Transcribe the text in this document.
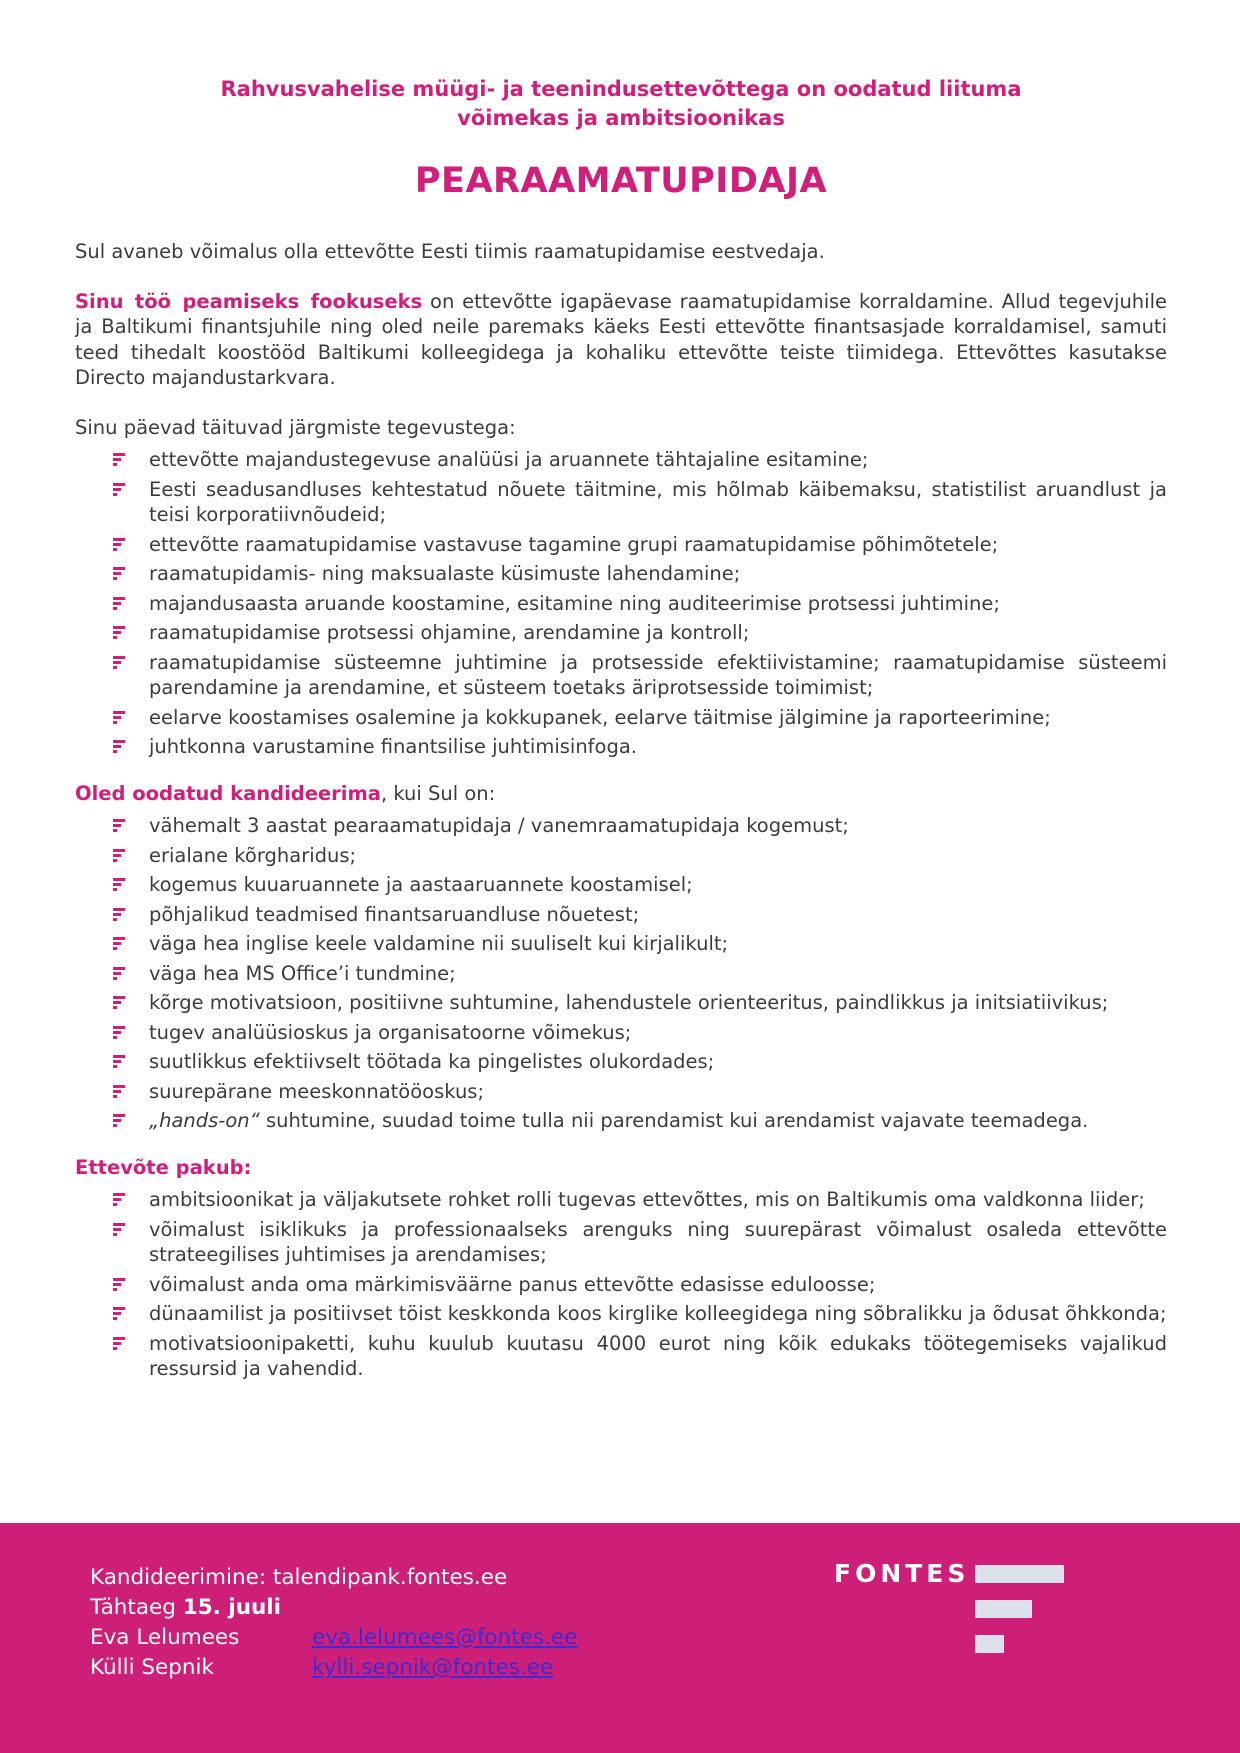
Rahvusvahelise müügi- ja teenindusettevõttega on oodatud liituma
võimekas ja ambitsioonikas
PEARAAMATUPIDAJA

Sul avaneb võimalus olla ettevõtte Eesti tiimis raamatupidamise eestvedaja.

Sinu töö peamiseks fookuseks on ettevõtte igapäevase raamatupidamise korraldamine. Allud tegevjuhile ja Baltikumi finantsjuhile ning oled neile paremaks käeks Eesti ettevõtte finantsasjade korraldamisel, samuti teed tihedalt koostööd Baltikumi kolleegidega ja kohaliku ettevõtte teiste tiimidega. Ettevõttes kasutakse Directo majandustarkvara.

Sinu päevad täituvad järgmiste tegevustega:

ettevõtte majandustegevuse analüüsi ja aruannete tähtajaline esitamine;
Eesti seadusandluses kehtestatud nõuete täitmine, mis hõlmab käibemaksu, statistilist aruandlust ja teisi korporatiivnõudeid;
ettevõtte raamatupidamise vastavuse tagamine grupi raamatupidamise põhimõtetele;
raamatupidamis- ning maksualaste küsimuste lahendamine;
majandusaasta aruande koostamine, esitamine ning auditeerimise protsessi juhtimine;
raamatupidamise protsessi ohjamine, arendamine ja kontroll;
raamatupidamise süsteemne juhtimine ja protsesside efektiivistamine; raamatupidamise süsteemi parendamine ja arendamine, et süsteem toetaks äriprotsesside toimimist;
eelarve koostamises osalemine ja kokkupanek, eelarve täitmise jälgimine ja raporteerimine;
juhtkonna varustamine finantsilise juhtimisinfoga.

Oled oodatud kandideerima, kui Sul on:

vähemalt 3 aastat pearaamatupidaja / vanemraamatupidaja kogemust;
erialane kõrgharidus;
kogemus kuuaruannete ja aastaaruannete koostamisel;
põhjalikud teadmised finantsaruandluse nõuetest;
väga hea inglise keele valdamine nii suuliselt kui kirjalikult;
väga hea MS Office’i tundmine;
kõrge motivatsioon, positiivne suhtumine, lahendustele orienteeritus, paindlikkus ja initsiatiivikus;
tugev analüüsioskus ja organisatoorne võimekus;
suutlikkus efektiivselt töötada ka pingelistes olukordades;
suurepärane meeskonnatööoskus;
„hands-on“ suhtumine, suudad toime tulla nii parendamist kui arendamist vajavate teemadega.

Ettevõte pakub:

ambitsioonikat ja väljakutsete rohket rolli tugevas ettevõttes, mis on Baltikumis oma valdkonna liider;
võimalust isiklikuks ja professionaalseks arenguks ning suurepärast võimalust osaleda ettevõtte strateegilises juhtimises ja arendamises;
võimalust anda oma märkimisväärne panus ettevõtte edasisse eduloosse;
dünaamilist ja positiivset töist keskkonda koos kirglike kolleegidega ning sõbralikku ja õdusat õhkkonda;
motivatsioonipaketti, kuhu kuulub kuutasu 4000 eurot ning kõik edukaks töötegemiseks vajalikud ressursid ja vahendid.
Kandideerimine: talendipank.fontes.ee
Tähtaeg 15. juuli
Eva Lelumees	eva.lelumees@fontes.ee
Külli Sepnik	kylli.sepnik@fontes.ee
FONTES
